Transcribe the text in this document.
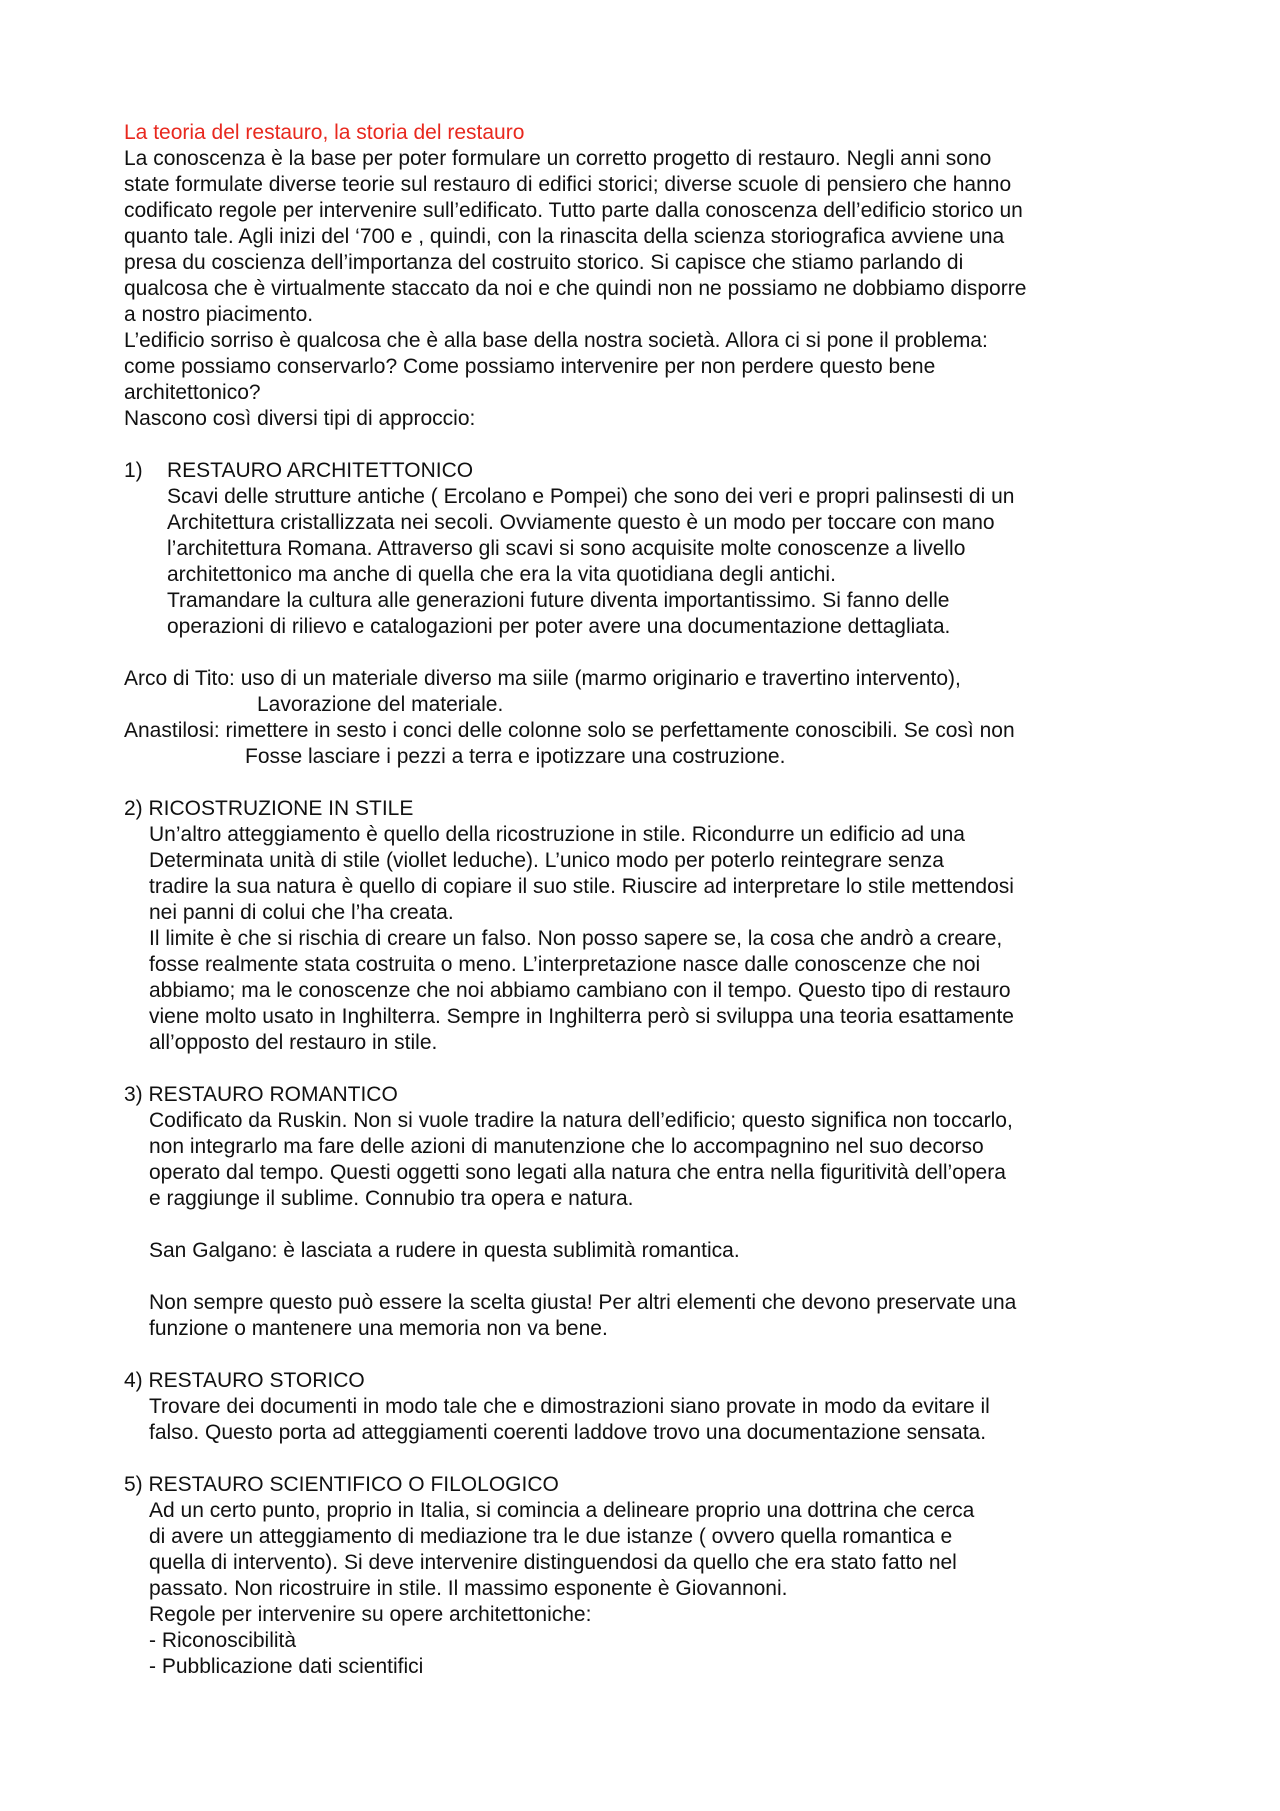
La teoria del restauro, la storia del restauro
La conoscenza è la base per poter formulare un corretto progetto di restauro. Negli anni sono
state formulate diverse teorie sul restauro di edifici storici; diverse scuole di pensiero che hanno
codificato regole per intervenire sull’edificato. Tutto parte dalla conoscenza dell’edificio storico un
quanto tale. Agli inizi del ‘700 e , quindi, con la rinascita della scienza storiografica avviene una
presa du coscienza dell’importanza del costruito storico. Si capisce che stiamo parlando di
qualcosa che è virtualmente staccato da noi e che quindi non ne possiamo ne dobbiamo disporre
a nostro piacimento.
L’edificio sorriso è qualcosa che è alla base della nostra società. Allora ci si pone il problema:
come possiamo conservarlo? Come possiamo intervenire per non perdere questo bene
architettonico?
Nascono così diversi tipi di approccio:
1)	RESTAURO ARCHITETTONICO
Scavi delle strutture antiche ( Ercolano e Pompei) che sono dei veri e propri palinsesti di un
Architettura cristallizzata nei secoli. Ovviamente questo è un modo per toccare con mano
l’architettura Romana. Attraverso gli scavi si sono acquisite molte conoscenze a livello
architettonico ma anche di quella che era la vita quotidiana degli antichi.
Tramandare la cultura alle generazioni future diventa importantissimo. Si fanno delle
operazioni di rilievo e catalogazioni per poter avere una documentazione dettagliata.
Arco di Tito: uso di un materiale diverso ma siile (marmo originario e travertino intervento),
Lavorazione del materiale.
Anastilosi: rimettere in sesto i conci delle colonne solo se perfettamente conoscibili. Se così non
Fosse lasciare i pezzi a terra e ipotizzare una costruzione.
2) RICOSTRUZIONE IN STILE
Un’altro atteggiamento è quello della ricostruzione in stile. Ricondurre un edificio ad una
Determinata unità di stile (viollet leduche). L’unico modo per poterlo reintegrare senza
tradire la sua natura è quello di copiare il suo stile. Riuscire ad interpretare lo stile mettendosi
nei panni di colui che l’ha creata.
Il limite è che si rischia di creare un falso. Non posso sapere se, la cosa che andrò a creare,
fosse realmente stata costruita o meno. L’interpretazione nasce dalle conoscenze che noi
abbiamo; ma le conoscenze che noi abbiamo cambiano con il tempo. Questo tipo di restauro
viene molto usato in Inghilterra. Sempre in Inghilterra però si sviluppa una teoria esattamente
all’opposto del restauro in stile.
3) RESTAURO ROMANTICO
Codificato da Ruskin. Non si vuole tradire la natura dell’edificio; questo significa non toccarlo,
non integrarlo ma fare delle azioni di manutenzione che lo accompagnino nel suo decorso
operato dal tempo. Questi oggetti sono legati alla natura che entra nella figuritività dell’opera
e raggiunge il sublime. Connubio tra opera e natura.
San Galgano: è lasciata a rudere in questa sublimità romantica.
Non sempre questo può essere la scelta giusta! Per altri elementi che devono preservate una
funzione o mantenere una memoria non va bene.
4) RESTAURO STORICO
Trovare dei documenti in modo tale che e dimostrazioni siano provate in modo da evitare il
falso. Questo porta ad atteggiamenti coerenti laddove trovo una documentazione sensata.
5) RESTAURO SCIENTIFICO O FILOLOGICO
Ad un certo punto, proprio in Italia, si comincia a delineare proprio una dottrina che cerca
di avere un atteggiamento di mediazione tra le due istanze ( ovvero quella romantica e
quella di intervento). Si deve intervenire distinguendosi da quello che era stato fatto nel
passato. Non ricostruire in stile. Il massimo esponente è Giovannoni.
Regole per intervenire su opere architettoniche:
- Riconoscibilità
- Pubblicazione dati scientifici
